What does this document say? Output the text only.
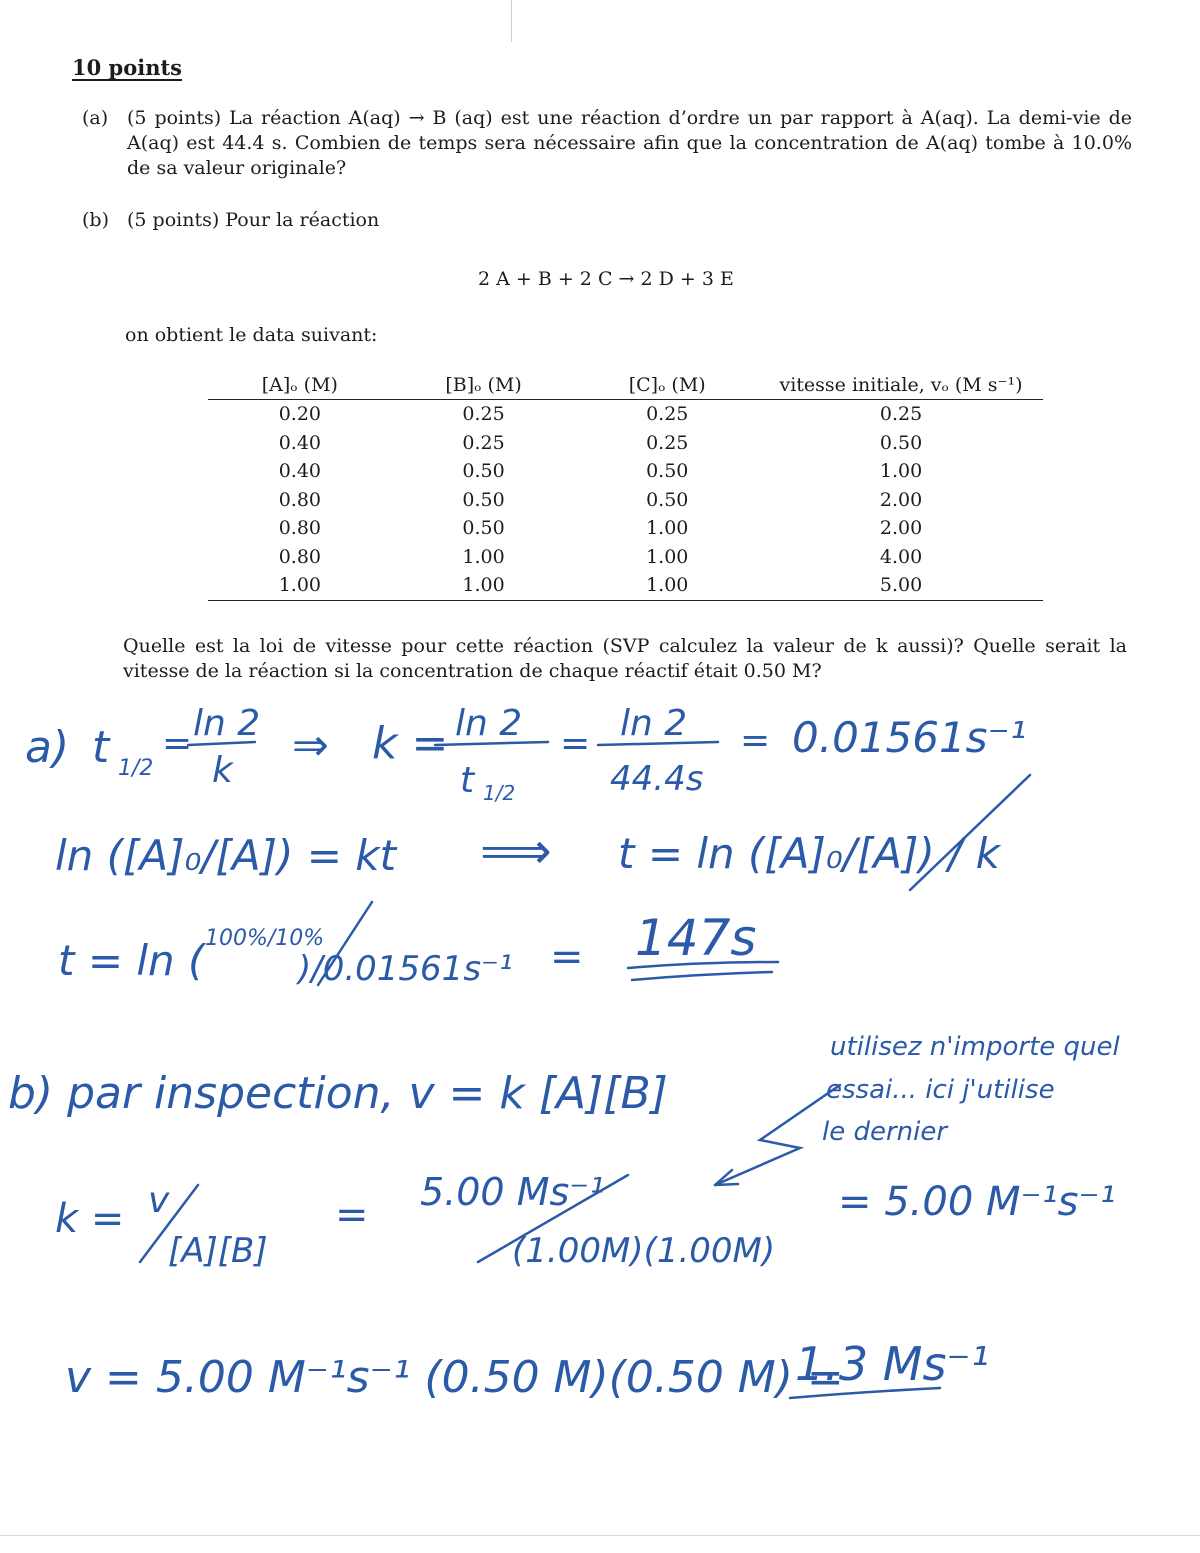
10 points
(a) (5 points) La réaction A(aq) → B (aq) est une réaction d’ordre un par rapport à A(aq). La demi-vie de A(aq) est 44.4 s. Combien de temps sera nécessaire afin que la concentration de A(aq) tombe à 10.0% de sa valeur originale?
(b) (5 points) Pour la réaction
2 A + B + 2 C → 2 D + 3 E
on obtient le data suivant:
[A]ₒ (M)	[B]ₒ (M)	[C]ₒ (M)	vitesse initiale, vₒ (M s⁻¹)
0.20	0.25	0.25	0.25
0.40	0.25	0.25	0.50
0.40	0.50	0.50	1.00
0.80	0.50	0.50	2.00
0.80	0.50	1.00	2.00
0.80	1.00	1.00	4.00
1.00	1.00	1.00	5.00
Quelle est la loi de vitesse pour cette réaction (SVP calculez la valeur de k aussi)? Quelle serait la vitesse de la réaction si la concentration de chaque réactif était 0.50 M?
a) t 1/2
= ln 2
k ⇒ k = ln 2
t 1/2
= ln 2
44.4s
= 0.01561s⁻¹
ln ([A]₀/[A]) = kt ⟹ t = ln ([A]₀/[A]) / k
t = ln ( 100%/10%
)/0.01561s⁻¹ = 147s
b) par inspection, v = k [A][B]
utilisez n'importe quel
essai... ici j'utilise
le dernier
k = v
[A][B]
= 5.00 Ms⁻¹
(1.00M)(1.00M)
= 5.00 M⁻¹s⁻¹
v = 5.00 M⁻¹s⁻¹ (0.50 M)(0.50 M) =
1.3 Ms⁻¹
